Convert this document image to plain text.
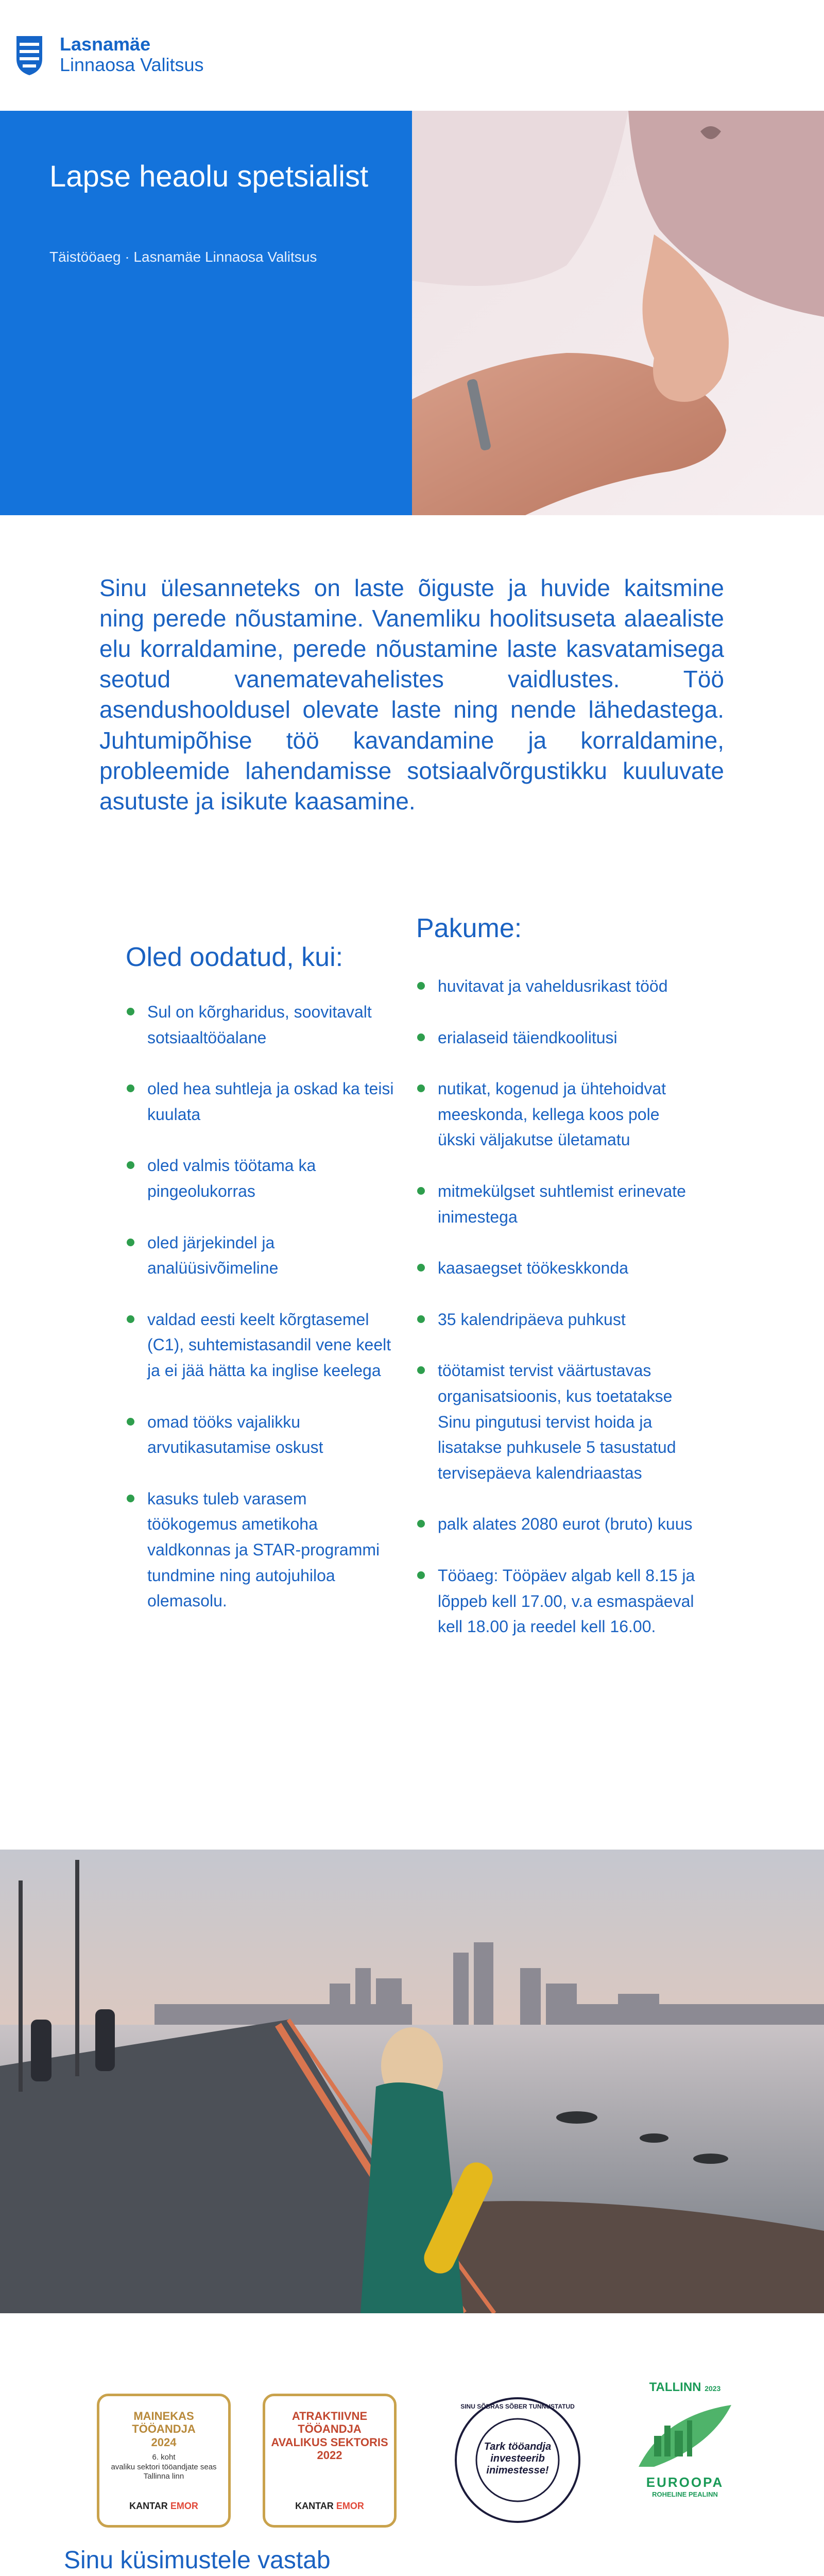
Lasnamäe
Linnaosa Valitsus
Lapse heaolu spetsialist
Täistööaeg · Lasnamäe Linnaosa Valitsus
Sinu ülesanneteks on laste õiguste ja huvide kaitsmine ning perede nõustamine. Vanemliku hoolitsuseta alaealiste elu korraldamine, perede nõustamine laste kasvatamisega seotud vanematevahelistes vaidlustes. Töö asendushooldusel olevate laste ning nende lähedastega. Juhtumipõhise töö kavandamine ja korraldamine, probleemide lahendamisse sotsiaalvõrgustikku kuuluvate asutuste ja isikute kaasamine.
Oled oodatud, kui:
Sul on kõrgharidus, soovitavalt sotsiaaltööalane
oled hea suhtleja ja oskad ka teisi kuulata
oled valmis töötama ka pingeolukorras
oled järjekindel ja analüüsivõimeline
valdad eesti keelt kõrgtasemel (C1), suhtemistasandil vene keelt ja ei jää hätta ka inglise keelega
omad tööks vajalikku arvutikasutamise oskust
kasuks tuleb varasem töökogemus ametikoha valdkonnas ja STAR-programmi tundmine ning autojuhiloa olemasolu.
Pakume:
huvitavat ja vaheldusrikast tööd
erialaseid täiendkoolitusi
nutikat, kogenud ja ühtehoidvat meeskonda, kellega koos pole ükski väljakutse ületamatu
mitmekülgset suhtlemist erinevate inimestega
kaasaegset töökeskkonda
35 kalendripäeva puhkust
töötamist tervist väärtustavas organisatsioonis, kus toetatakse Sinu pingutusi tervist hoida ja lisatakse puhkusele 5 tasustatud tervisepäeva kalendriaastas
palk alates 2080 eurot (bruto) kuus
Tööaeg: Tööpäev algab kell 8.15 ja lõppeb kell 17.00, v.a esmaspäeval kell 18.00 ja reedel kell 16.00.
MAINEKAS
TÖÖANDJA
2024
6. koht
avaliku sektori tööandjate seas
Tallinna linn
KANTAR EMOR
ATRAKTIIVNE
TÖÖANDJA
AVALIKUS SEKTORIS
2022
KANTAR EMOR
SINU SÕBRAS SÕBER TUNNUSTATUD
Tark tööandja investeerib inimestesse!
TALLINN 2023
EUROOPA
ROHELINE PEALINN
Sinu küsimustele vastab
